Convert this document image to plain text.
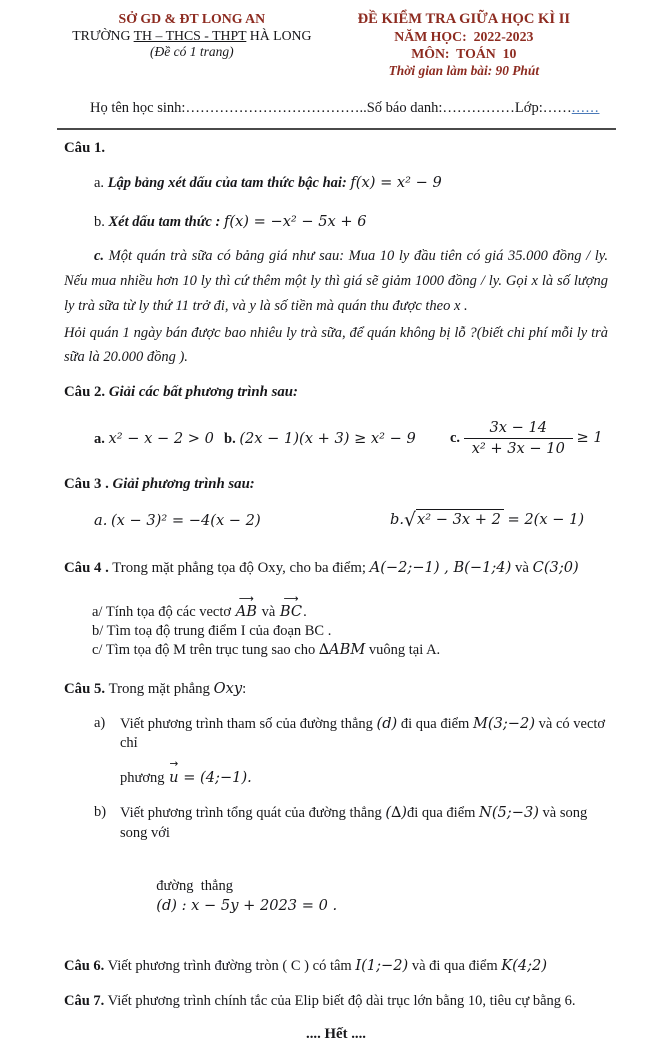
SỞ GD & ĐT LONG AN
TRƯỜNG TH – THCS - THPT HÀ LONG
(Đề có 1 trang)
ĐỀ KIỂM TRA GIỮA HỌC KÌ II
NĂM HỌC:  2022-2023
MÔN:  TOÁN  10
Thời gian làm bài: 90 Phút
Họ tên học sinh:………………………………..Số báo danh:……………Lớp:……......
Câu 1.
a. Lập bảng xét dấu của tam thức bậc hai: f(x) = x² − 9
b. Xét dấu tam thức : f(x) = −x² − 5x + 6
c. Một quán trà sữa có bảng giá như sau: Mua 10 ly đầu tiên có giá 35.000 đồng / ly. Nếu mua nhiều hơn 10 ly thì cứ thêm một ly thì giá sẽ giảm 1000 đồng / ly. Gọi x là số lượng ly trà sữa từ ly thứ 11 trở đi, và y là số tiền mà quán thu được theo x .
Hỏi quán 1 ngày bán được bao nhiêu ly trà sữa, để quán không bị lỗ ?(biết chi phí mỗi ly trà sữa là 20.000 đồng ).
Câu 2. Giải các bất phương trình sau:
a. x² − x − 2 > 0 b. (2x − 1)(x + 3) ≥ x² − 9	c. $\frac{3x - 14}{\text{x² + 3x − 10}} \ge 1$
Câu 3 . Giải phương trình sau:
a. (x − 3)² = −4(x − 2)	b.√x² − 3x + 2 = 2(x − 1)
Câu 4 . Trong mặt phẳng tọa độ Oxy, cho ba điểm; A(−2;−1) , B(−1;4) và C(3;0)
a/ Tính tọa độ các vectơ
⟶
AB và
⟶
BC.
b/ Tìm toạ độ trung điểm I của đoạn BC .
c/ Tìm tọa độ M trên trục tung sao cho ∆ABM vuông tại A.
Câu 5. Trong mặt phẳng Oxy:
a)	Viết phương trình tham số của đường thẳng (d) đi qua điểm M(3;−2) và có vectơ chỉ
phương
→
u = (4;−1).
b) Viết phương trình tổng quát của đường thẳng (∆)đi qua điểm N(5;−3) và song song với

đường  thẳng
(d) : x − 5y + 2023 = 0 .

Câu 6. Viết phương trình đường tròn ( C ) có tâm I(1;−2) và đi qua điểm K(4;2)
Câu 7. Viết phương trình chính tắc của Elip biết độ dài trục lớn bằng 10, tiêu cự bằng 6.
.... Hết ....
